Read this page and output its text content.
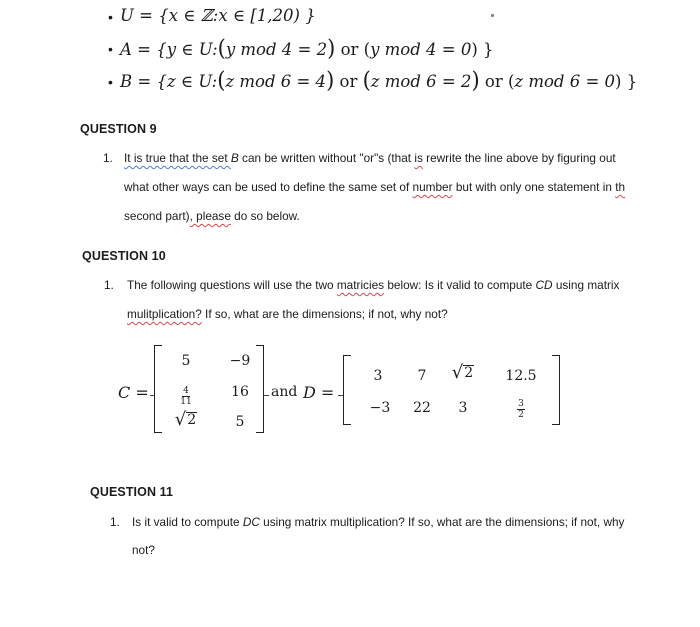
• U = {x ∈ ℤ:x ∈ [1,20) }
• A = {y ∈ U:(y mod 4 = 2) or (y mod 4 = 0) }
• B = {z ∈ U:(z mod 6 = 4) or (z mod 6 = 2) or (z mod 6 = 0) }
QUESTION 9
1. It is true that the set B can be written without "or"s (that is rewrite the line above by figuring out
what other ways can be used to define the same set of number but with only one statement in th
second part), please do so below.
QUESTION 10
1. The following questions will use the two matricies below: Is it valid to compute CD using matrix
mulitplication? If so, what are the dimensions; if not, why not?
C =
5	−9
$\frac{4}{11}$	16
√ 2	5
and D =
3	7	√ 2	12.5
−3	22	3	$\frac{3}{2}$
QUESTION 11
1. Is it valid to compute DC using matrix multiplication? If so, what are the dimensions; if not, why
not?
